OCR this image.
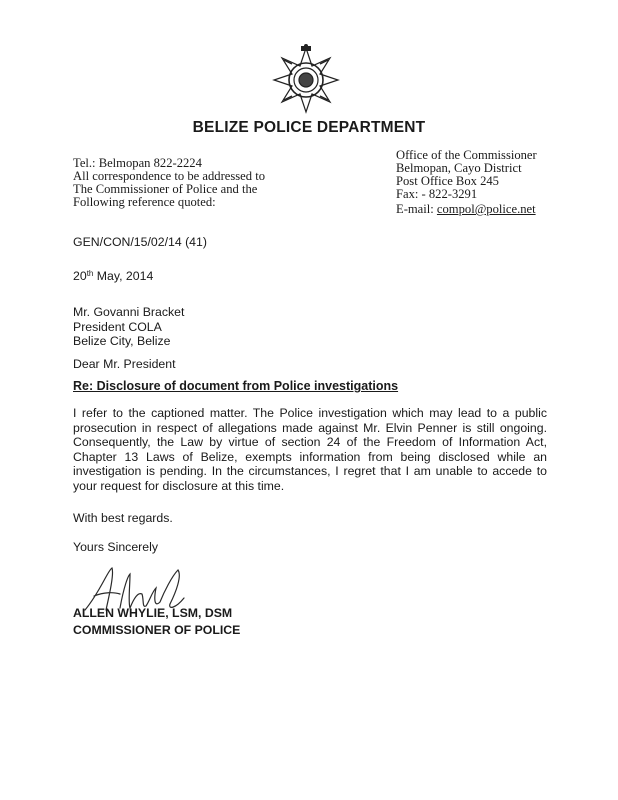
BELIZE POLICE DEPARTMENT
Tel.: Belmopan 822-2224
All correspondence to be addressed to
The Commissioner of Police and the
Following reference quoted:
Office of the Commissioner
Belmopan, Cayo District
Post Office Box 245
Fax: - 822-3291
E-mail: compol@police.net
GEN/CON/15/02/14 (41)
20th May, 2014
Mr. Govanni Bracket
President COLA
Belize City, Belize
Dear Mr. President
Re: Disclosure of document from Police investigations
I refer to the captioned matter. The Police investigation which may lead to a public prosecution in respect of allegations made against Mr. Elvin Penner is still ongoing. Consequently, the Law by virtue of section 24 of the Freedom of Information Act, Chapter 13 Laws of Belize, exempts information from being disclosed while an investigation is pending. In the circumstances, I regret that I am unable to accede to your request for disclosure at this time.
With best regards.
Yours Sincerely
ALLEN WHYLIE, LSM, DSM
COMMISSIONER OF POLICE
